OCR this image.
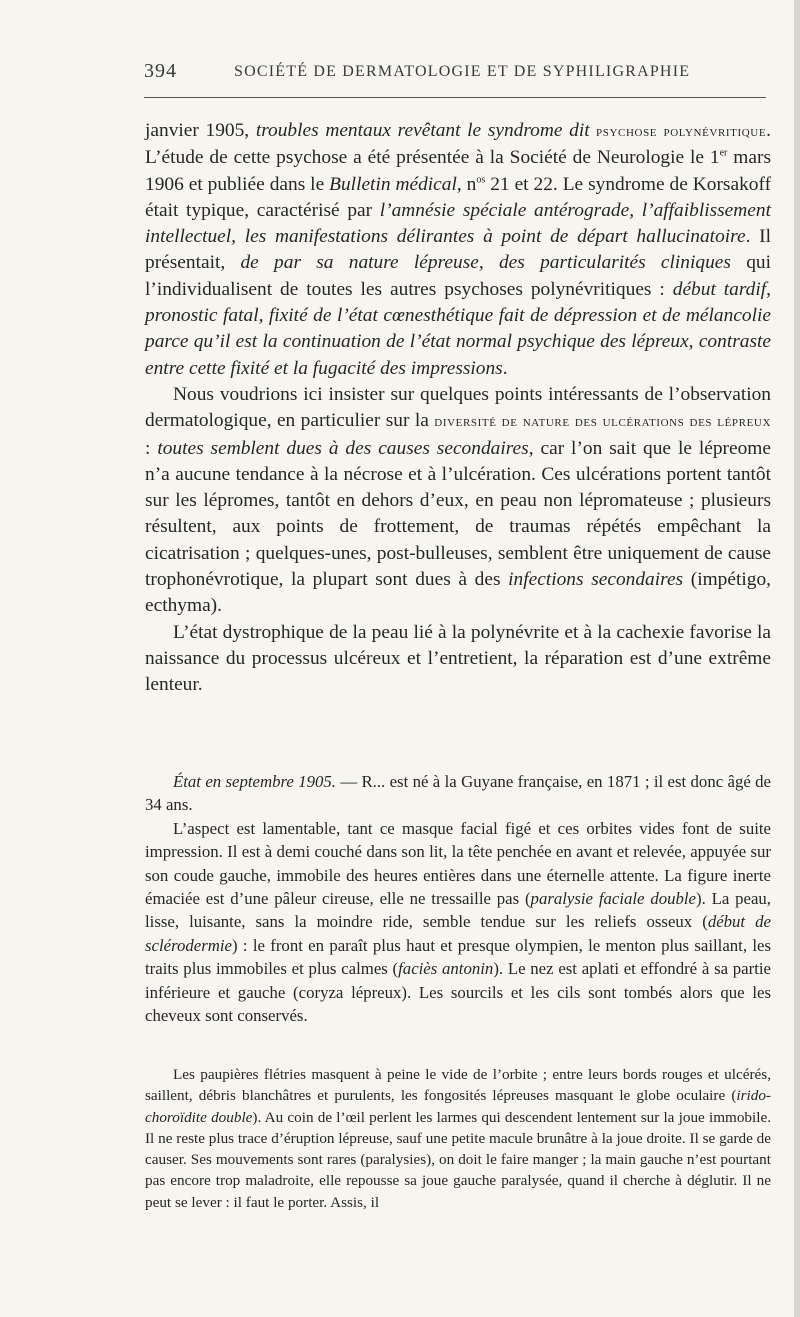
394	SOCIÉTÉ DE DERMATOLOGIE ET DE SYPHILIGRAPHIE

janvier 1905, troubles mentaux revêtant le syndrome dit psychose polynévritique. L’étude de cette psychose a été présentée à la Société de Neurologie le 1er mars 1906 et publiée dans le Bulletin médical, $n^{os}$ 21 et 22. Le syndrome de Korsakoff était typique, caractérisé par l’amnésie spéciale antérograde, l’affaiblissement intellectuel, les manifestations délirantes à point de départ hallucinatoire. Il présentait, de par sa nature lépreuse, des particularités cliniques qui l’individualisent de toutes les autres psychoses polynévritiques : début tardif, pronostic fatal, fixité de l’état cœnesthétique fait de dépression et de mélancolie parce qu’il est la continuation de l’état normal psychique des lépreux, contraste entre cette fixité et la fugacité des impressions.

Nous voudrions ici insister sur quelques points intéressants de l’observation dermatologique, en particulier sur la diversité de nature des ulcérations des lépreux : toutes semblent dues à des causes secondaires, car l’on sait que le lépreome n’a aucune tendance à la nécrose et à l’ulcération. Ces ulcérations portent tantôt sur les lépromes, tantôt en dehors d’eux, en peau non lépromateuse ; plusieurs résultent, aux points de frottement, de traumas répétés empêchant la cicatrisation ; quelques-unes, post-bulleuses, semblent être uniquement de cause trophonévrotique, la plupart sont dues à des infections secondaires (impétigo, ecthyma).

L’état dystrophique de la peau lié à la polynévrite et à la cachexie favorise la naissance du processus ulcéreux et l’entretient, la réparation est d’une extrême lenteur.

État en septembre 1905. — R... est né à la Guyane française, en 1871 ; il est donc âgé de 34 ans.

L’aspect est lamentable, tant ce masque facial figé et ces orbites vides font de suite impression. Il est à demi couché dans son lit, la tête penchée en avant et relevée, appuyée sur son coude gauche, immobile des heures entières dans une éternelle attente. La figure inerte émaciée est d’une pâleur cireuse, elle ne tressaille pas (paralysie faciale double). La peau, lisse, luisante, sans la moindre ride, semble tendue sur les reliefs osseux (début de sclérodermie) : le front en paraît plus haut et presque olympien, le menton plus saillant, les traits plus immobiles et plus calmes (faciès antonin). Le nez est aplati et effondré à sa partie inférieure et gauche (coryza lépreux). Les sourcils et les cils sont tombés alors que les cheveux sont conservés.

Les paupières flétries masquent à peine le vide de l’orbite ; entre leurs bords rouges et ulcérés, saillent, débris blanchâtres et purulents, les fongosités lépreuses masquant le globe oculaire (irido-choroïdite double). Au coin de l’œil perlent les larmes qui descendent lentement sur la joue immobile. Il ne reste plus trace d’éruption lépreuse, sauf une petite macule brunâtre à la joue droite. Il se garde de causer. Ses mouvements sont rares (paralysies), on doit le faire manger ; la main gauche n’est pourtant pas encore trop maladroite, elle repousse sa joue gauche paralysée, quand il cherche à déglutir. Il ne peut se lever : il faut le porter. Assis, il
